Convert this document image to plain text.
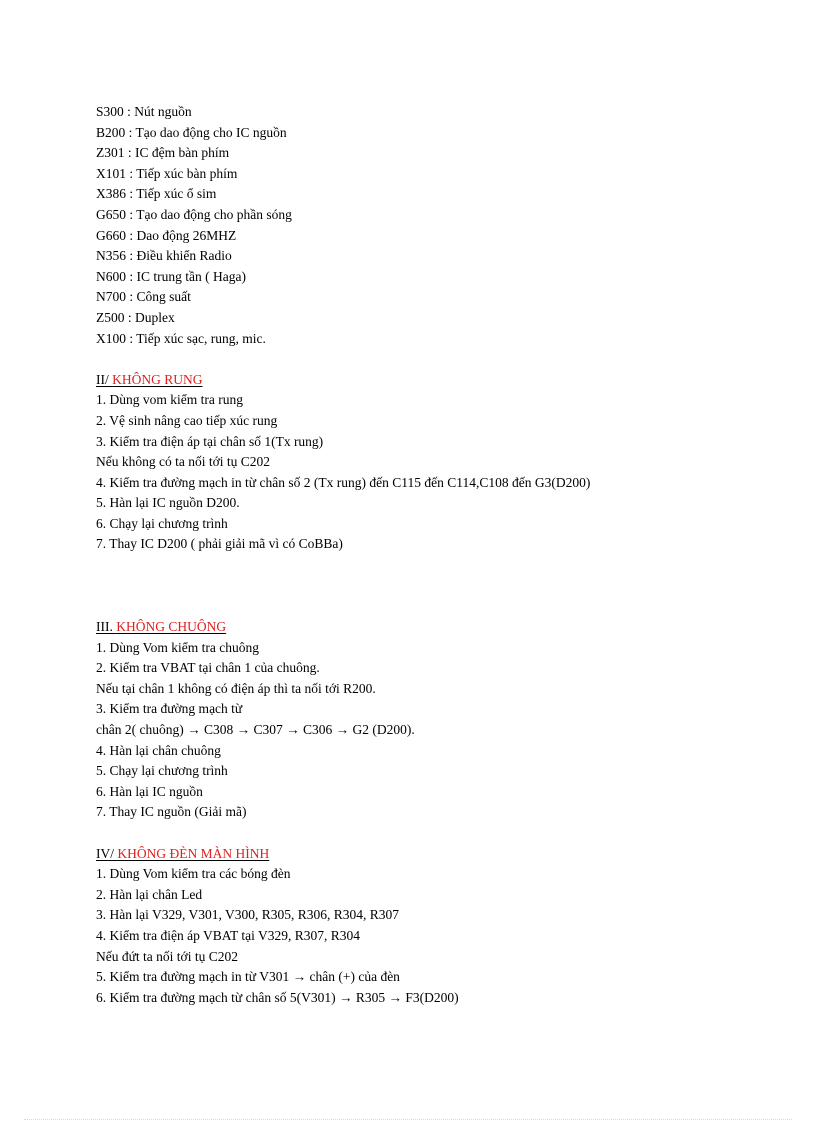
S300 : Nút nguồn
B200 : Tạo dao động cho IC nguồn
Z301 : IC đệm bàn phím
X101 : Tiếp xúc bàn phím
X386 : Tiếp xúc ổ sim
G650 : Tạo dao động cho phần sóng
G660 : Dao động 26MHZ
N356 : Điều khiển Radio
N600 : IC trung tần ( Haga)
N700 : Công suất
Z500 : Duplex
X100 : Tiếp xúc sạc, rung, mic.
II/ KHÔNG RUNG
1. Dùng vom kiểm tra rung
2. Vệ sinh nâng cao tiếp xúc rung
3. Kiểm tra điện áp tại chân số 1(Tx rung)
Nếu không có ta nối tới tụ C202
4. Kiểm tra đường mạch in từ chân số 2 (Tx rung) đến C115 đến C114,C108 đến G3(D200)
5. Hàn lại IC nguồn D200.
6. Chạy lại chương trình
7. Thay IC D200 ( phải giải mã vì có CoBBa)
III. KHÔNG CHUÔNG
1. Dùng Vom kiểm tra chuông
2. Kiểm tra VBAT tại chân 1 của chuông.
Nếu tại chân 1 không có điện áp thì ta nối tới R200.
3. Kiểm tra đường mạch từ
chân 2( chuông) → C308 → C307 → C306 → G2 (D200).
4. Hàn lại chân chuông
5. Chạy lại chương trình
6. Hàn lại IC nguồn
7. Thay IC nguồn (Giải mã)
IV/ KHÔNG ĐÈN MÀN HÌNH
1. Dùng Vom kiểm tra các bóng đèn
2. Hàn lại chân Led
3. Hàn lại V329, V301, V300, R305, R306, R304, R307
4. Kiểm tra điện áp VBAT tại V329, R307, R304
Nếu đứt ta nối tới tụ C202
5. Kiểm tra đường mạch in từ V301 → chân (+) của đèn
6. Kiểm tra đường mạch từ chân số 5(V301) → R305 → F3(D200)
